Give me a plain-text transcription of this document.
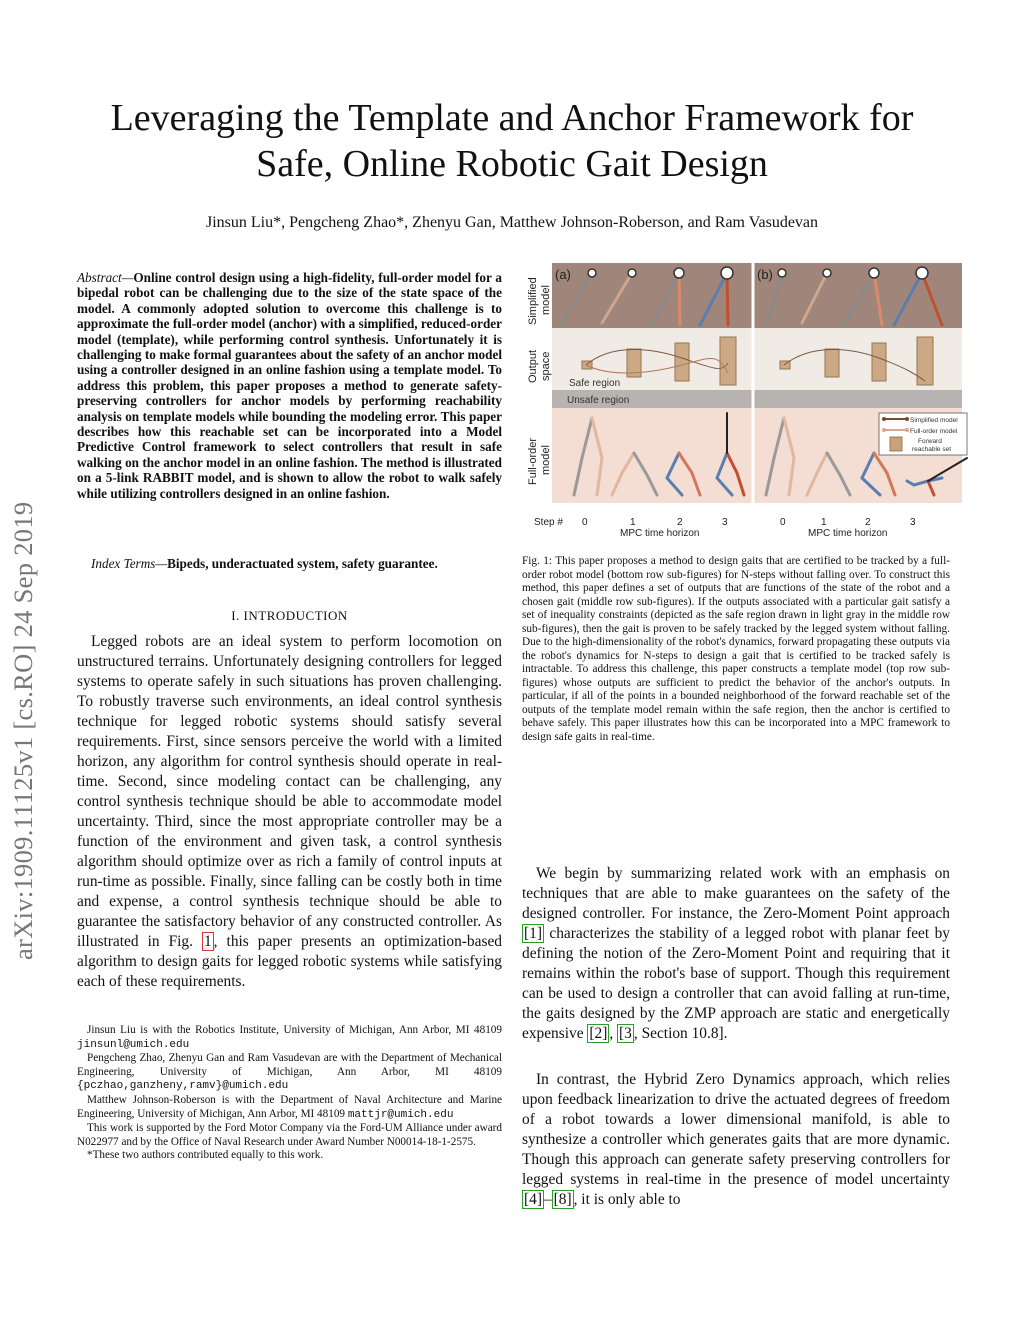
arXiv:1909.11125v1 [cs.RO] 24 Sep 2019
Leveraging the Template and Anchor Framework for
Safe, Online Robotic Gait Design
Jinsun Liu*, Pengcheng Zhao*, Zhenyu Gan, Matthew Johnson-Roberson, and Ram Vasudevan
Abstract—Online control design using a high-fidelity, full-order model for a bipedal robot can be challenging due to the size of the state space of the model. A commonly adopted solution to overcome this challenge is to approximate the full-order model (anchor) with a simplified, reduced-order model (template), while performing control synthesis. Unfortunately it is challenging to make formal guarantees about the safety of an anchor model using a controller designed in an online fashion using a template model. To address this problem, this paper proposes a method to generate safety-preserving controllers for anchor models by performing reachability analysis on template models while bounding the modeling error. This paper describes how this reachable set can be incorporated into a Model Predictive Control framework to select controllers that result in safe walking on the anchor model in an online fashion. The method is illustrated on a 5-link RABBIT model, and is shown to allow the robot to walk safely while utilizing controllers designed in an online fashion.
Index Terms—Bipeds, underactuated system, safety guarantee.
I. INTRODUCTION
Legged robots are an ideal system to perform locomotion on unstructured terrains. Unfortunately designing controllers for legged systems to operate safely in such situations has proven challenging. To robustly traverse such environments, an ideal control synthesis technique for legged robotic systems should satisfy several requirements. First, since sensors perceive the world with a limited horizon, any algorithm for control synthesis should operate in real-time. Second, since modeling contact can be challenging, any control synthesis technique should be able to accommodate model uncertainty. Third, since the most appropriate controller may be a function of the environment and given task, a control synthesis algorithm should optimize over as rich a family of control inputs at run-time as possible. Finally, since falling can be costly both in time and expense, a control synthesis technique should be able to guarantee the satisfactory behavior of any constructed controller. As illustrated in Fig. 1 , this paper presents an optimization-based algorithm to design gaits for legged robotic systems while satisfying each of these requirements.

Jinsun Liu is with the Robotics Institute, University of Michigan, Ann Arbor, MI 48109 jinsunl@umich.edu

Pengcheng Zhao, Zhenyu Gan and Ram Vasudevan are with the Department of Mechanical Engineering, University of Michigan, Ann Arbor, MI 48109 {pczhao,ganzheny,ramv}@umich.edu

Matthew Johnson-Roberson is with the Department of Naval Architecture and Marine Engineering, University of Michigan, Ann Arbor, MI 48109 mattjr@umich.edu

This work is supported by the Ford Motor Company via the Ford-UM Alliance under award N022977 and by the Office of Naval Research under Award Number N00014-18-1-2575.

*These two authors contributed equally to this work.

Simplified model
Output space
Full-order model
(a)	(b)
Safe region
Unsafe region
Simplified model
Full-order model
Forward
reachable set
Step # 0	1	2	3	0	1	2	3
MPC time horizon	MPC time horizon
Fig. 1: This paper proposes a method to design gaits that are certified to be tracked by a full-order robot model (bottom row sub-figures) for N-steps without falling over. To construct this method, this paper defines a set of outputs that are functions of the state of the robot and a chosen gait (middle row sub-figures). If the outputs associated with a particular gait satisfy a set of inequality constraints (depicted as the safe region drawn in light gray in the middle row sub-figures), then the gait is proven to be safely tracked by the legged system without falling. Due to the high-dimensionality of the robot's dynamics, forward propagating these outputs via the robot's dynamics for N-steps to design a gait that is certified to be tracked safely is intractable. To address this challenge, this paper constructs a template model (top row sub-figures) whose outputs are sufficient to predict the behavior of the anchor's outputs. In particular, if all of the points in a bounded neighborhood of the forward reachable set of the outputs of the template model remain within the safe region, then the anchor is certified to behave safely. This paper illustrates how this can be incorporated into a MPC framework to design safe gaits in real-time.
We begin by summarizing related work with an emphasis on techniques that are able to make guarantees on the safety of the designed controller. For instance, the Zero-Moment Point approach [1] characterizes the stability of a legged robot with planar feet by defining the notion of the Zero-Moment Point and requiring that it remains within the robot's base of support. Though this requirement can be used to design a controller that can avoid falling at run-time, the gaits designed by the ZMP approach are static and energetically expensive [2] , [3 , Section 10.8].
In contrast, the Hybrid Zero Dynamics approach, which relies upon feedback linearization to drive the actuated degrees of freedom of a robot towards a lower dimensional manifold, is able to synthesize a controller which generates gaits that are more dynamic. Though this approach can generate safety preserving controllers for legged systems in real-time in the presence of model uncertainty [4] – [8] , it is only able to
